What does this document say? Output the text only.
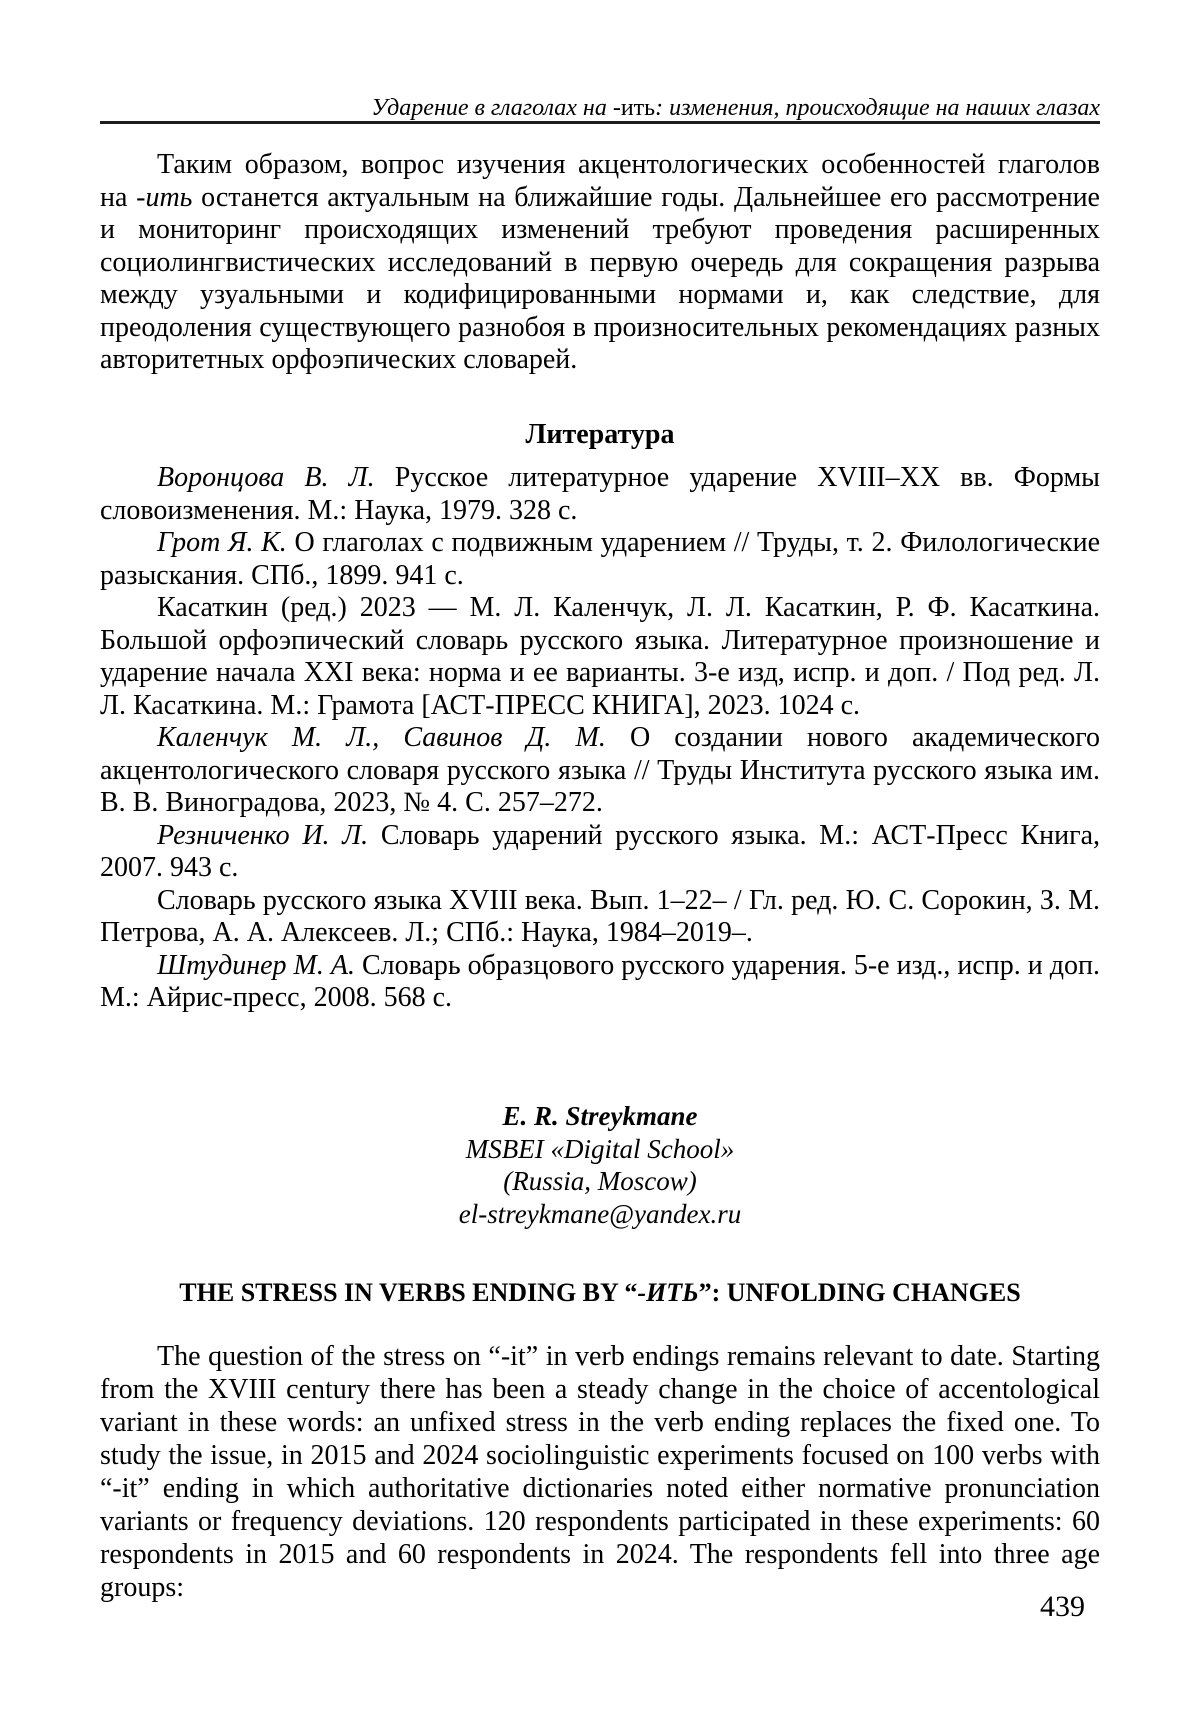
Ударение в глаголах на -ить: изменения, происходящие на наших глазах

Таким образом, вопрос изучения акцентологических особенностей глаголов на -ить останется актуальным на ближайшие годы. Дальнейшее его рассмотрение и мониторинг происходящих изменений требуют проведения расширенных социолингвистических исследований в первую очередь для сокращения разрыва между узуальными и кодифицированными нормами и, как следствие, для преодоления существующего разнобоя в произносительных рекомендациях разных авторитетных орфоэпических словарей.

Литература

Воронцова В. Л. Русское литературное ударение XVIII–XX вв. Формы словоизменения. М.: Наука, 1979. 328 с.

Грот Я. К. О глаголах с подвижным ударением // Труды, т. 2. Филологические разыскания. СПб., 1899. 941 с.

Касаткин (ред.) 2023 — М. Л. Каленчук, Л. Л. Касаткин, Р. Ф. Касаткина. Большой орфоэпический словарь русского языка. Литературное произношение и ударение начала XXI века: норма и ее варианты. 3-е изд, испр. и доп. / Под ред. Л. Л. Касаткина. М.: Грамота [АСТ-ПРЕСС КНИГА], 2023. 1024 с.

Каленчук М. Л., Савинов Д. М. О создании нового академического акцентологического словаря русского языка // Труды Института русского языка им. В. В. Виноградова, 2023, № 4. С. 257–272.

Резниченко И. Л. Словарь ударений русского языка. М.: АСТ-Пресс Книга, 2007. 943 с.

Словарь русского языка XVIII века. Вып. 1–22– / Гл. ред. Ю. С. Сорокин, З. М. Петрова, А. А. Алексеев. Л.; СПб.: Наука, 1984–2019–.

Штудинер М. А. Словарь образцового русского ударения. 5-е изд., испр. и доп. М.: Айрис-пресс, 2008. 568 с.

E. R. Streykmane
MSBEI «Digital School»
(Russia, Moscow)
el-streykmane@yandex.ru
THE STRESS IN VERBS ENDING BY “-ИТЬ”: UNFOLDING CHANGES

The question of the stress on “-it” in verb endings remains relevant to date. Starting from the XVIII century there has been a steady change in the choice of accentological variant in these words: an unfixed stress in the verb ending replaces the fixed one. To study the issue, in 2015 and 2024 sociolinguistic experiments focused on 100 verbs with “-it” ending in which authoritative dictionaries noted either normative pronunciation variants or frequency deviations. 120 respondents participated in these experiments: 60 respondents in 2015 and 60 respondents in 2024. The respondents fell into three age groups:

439
